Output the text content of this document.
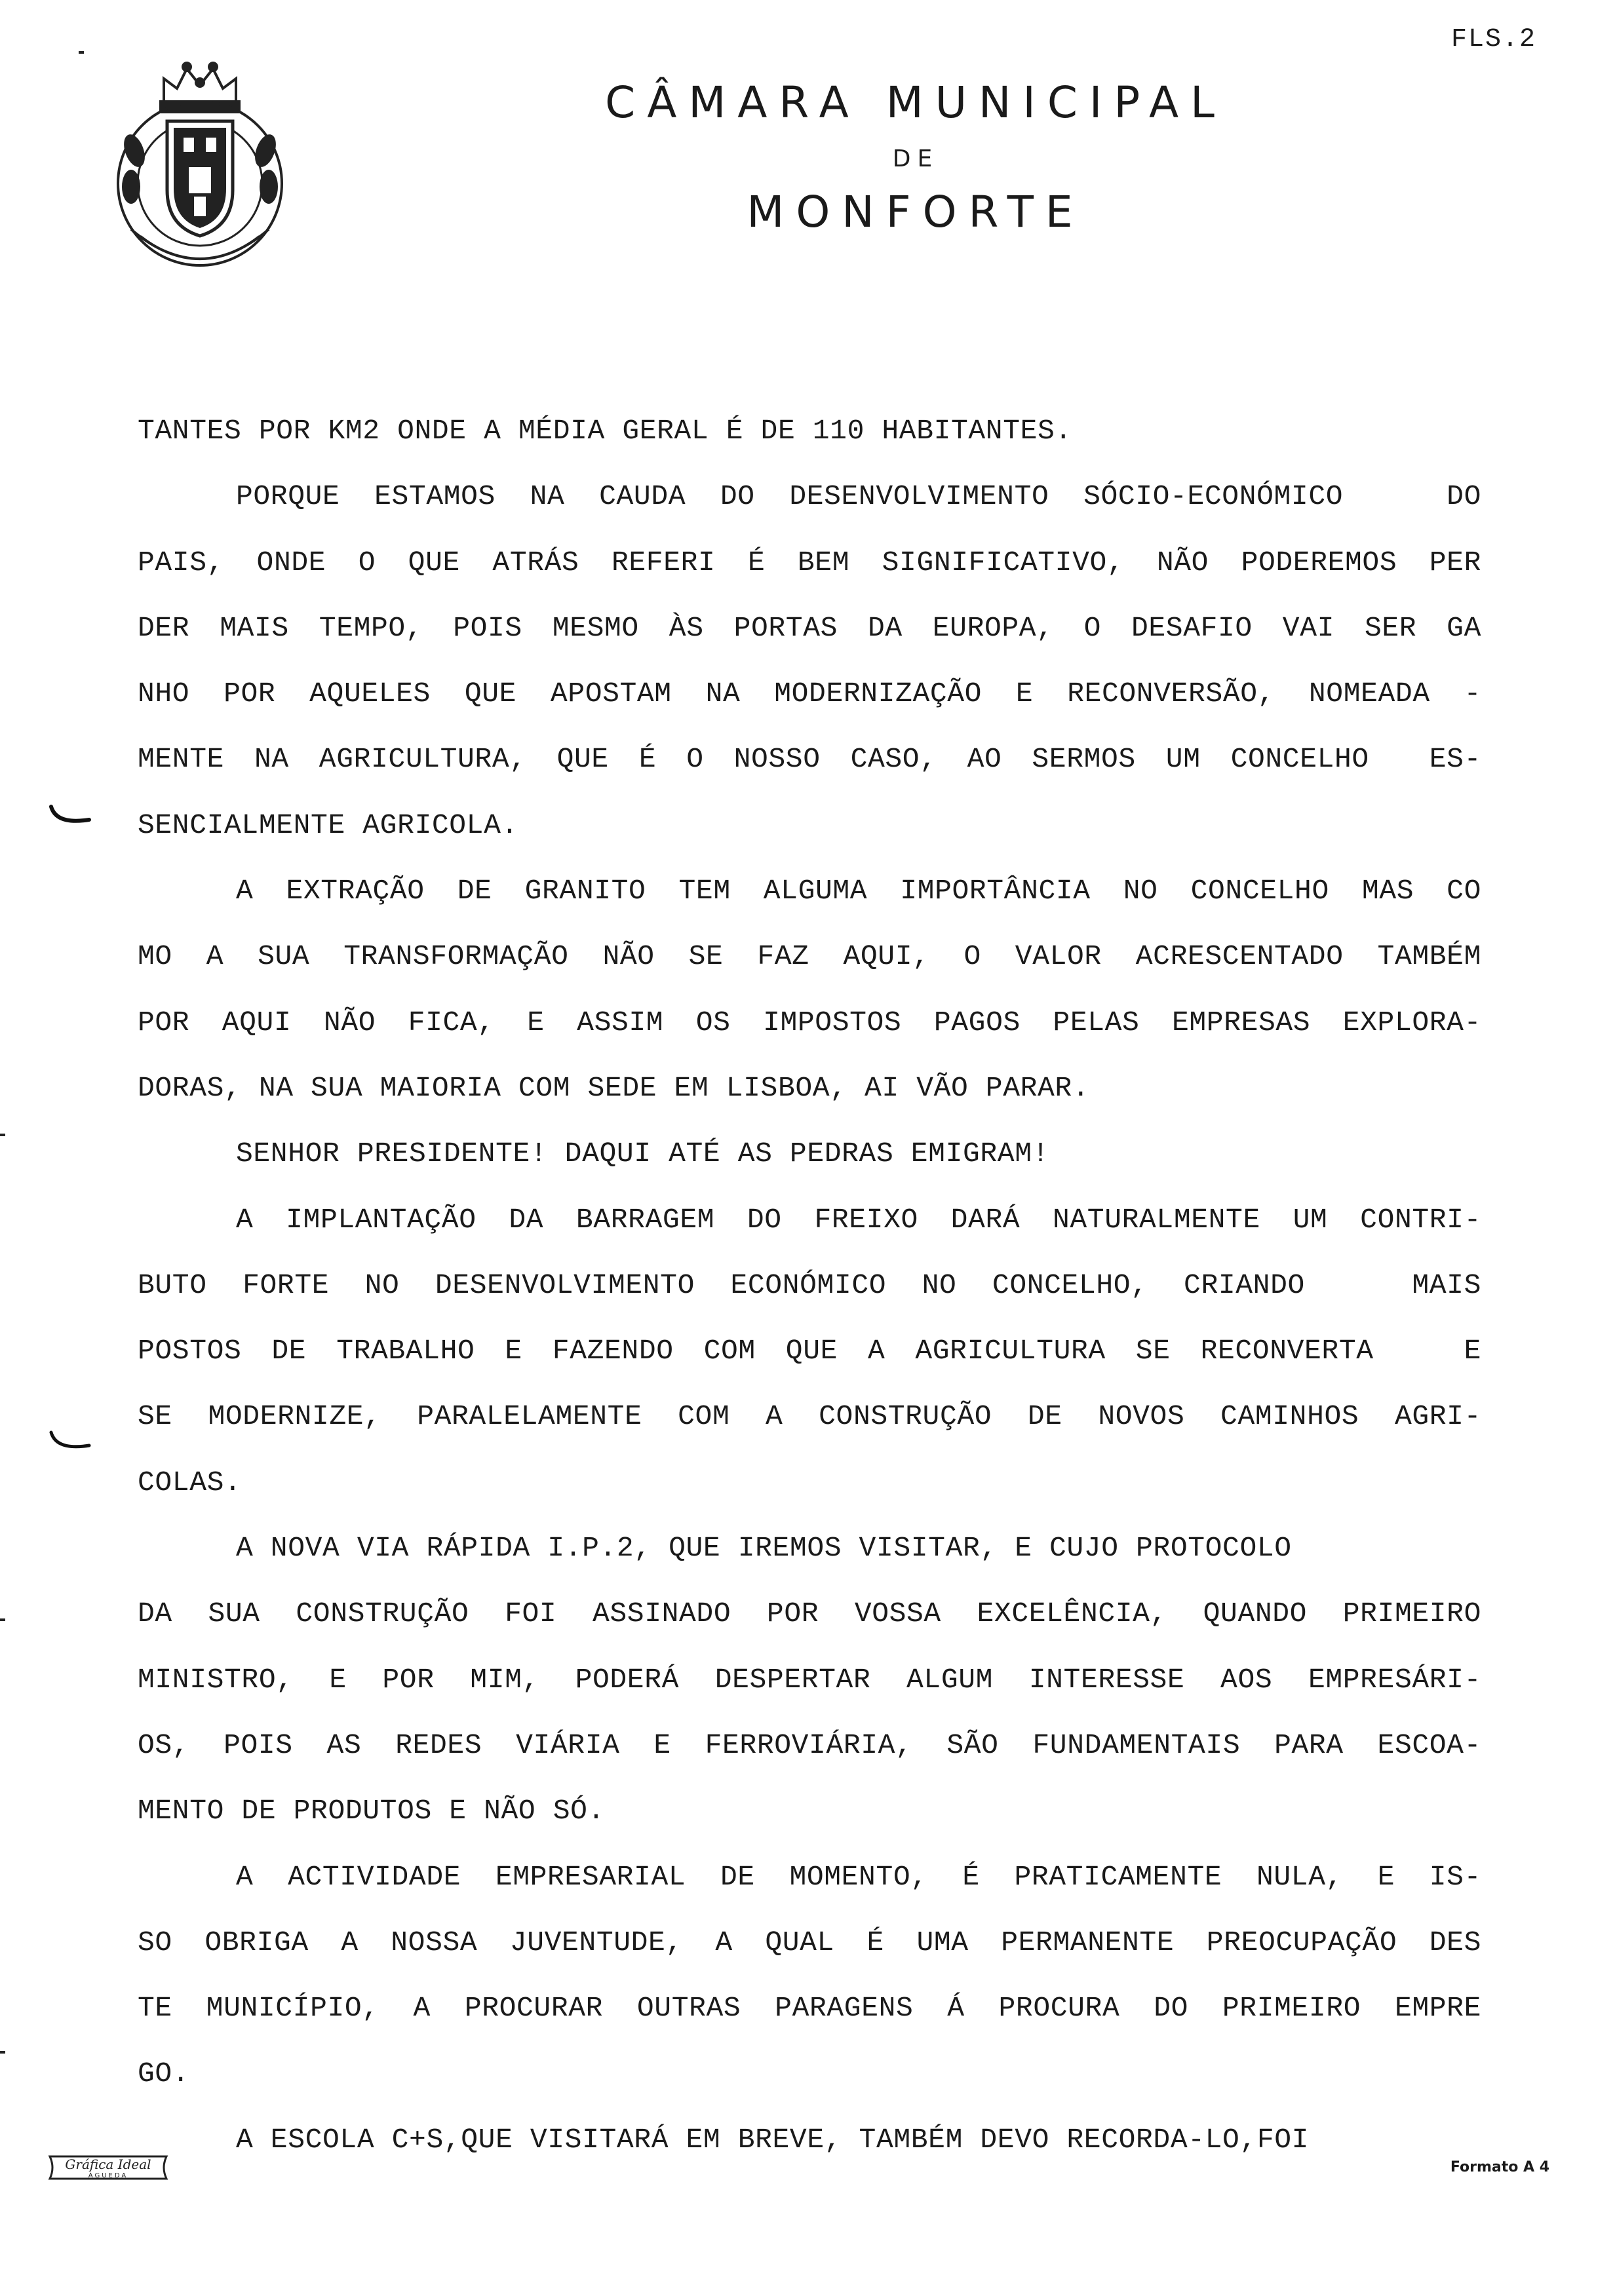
FLS.2
CÂMARA MUNICIPAL
DE
MONFORTE
TANTES POR KM2 ONDE A MÉDIA GERAL É DE 110 HABITANTES.
PORQUE ESTAMOS NA CAUDA DO DESENVOLVIMENTO SÓCIO-ECONÓMICO   DO
PAIS, ONDE O QUE ATRÁS REFERI É BEM SIGNIFICATIVO, NÃO PODEREMOS PER
DER MAIS TEMPO, POIS MESMO ÀS PORTAS DA EUROPA, O DESAFIO VAI SER GA
NHO POR AQUELES QUE APOSTAM NA MODERNIZAÇÃO E RECONVERSÃO, NOMEADA -
MENTE NA AGRICULTURA, QUE É O NOSSO CASO, AO SERMOS UM CONCELHO  ES-
SENCIALMENTE AGRICOLA.
A EXTRAÇÃO DE GRANITO TEM ALGUMA IMPORTÂNCIA NO CONCELHO MAS CO
MO A SUA TRANSFORMAÇÃO NÃO SE FAZ AQUI, O VALOR ACRESCENTADO TAMBÉM
POR AQUI NÃO FICA, E ASSIM OS IMPOSTOS PAGOS PELAS EMPRESAS EXPLORA-
DORAS, NA SUA MAIORIA COM SEDE EM LISBOA, AI VÃO PARAR.
SENHOR PRESIDENTE! DAQUI ATÉ AS PEDRAS EMIGRAM!
A IMPLANTAÇÃO DA BARRAGEM DO FREIXO DARÁ NATURALMENTE UM CONTRI-
BUTO FORTE NO DESENVOLVIMENTO ECONÓMICO NO CONCELHO, CRIANDO   MAIS
POSTOS DE TRABALHO E FAZENDO COM QUE A AGRICULTURA SE RECONVERTA   E
SE MODERNIZE, PARALELAMENTE COM A CONSTRUÇÃO DE NOVOS CAMINHOS AGRI-
COLAS.
A NOVA VIA RÁPIDA I.P.2, QUE IREMOS VISITAR, E CUJO PROTOCOLO
DA SUA CONSTRUÇÃO FOI ASSINADO POR VOSSA EXCELÊNCIA, QUANDO PRIMEIRO
MINISTRO, E POR MIM, PODERÁ DESPERTAR ALGUM INTERESSE AOS EMPRESÁRI-
OS, POIS AS REDES VIÁRIA E FERROVIÁRIA, SÃO FUNDAMENTAIS PARA ESCOA-
MENTO DE PRODUTOS E NÃO SÓ.
A ACTIVIDADE EMPRESARIAL DE MOMENTO, É PRATICAMENTE NULA, E IS-
SO OBRIGA A NOSSA JUVENTUDE, A QUAL É UMA PERMANENTE PREOCUPAÇÃO DES
TE MUNICÍPIO, A PROCURAR OUTRAS PARAGENS Á PROCURA DO PRIMEIRO EMPRE
GO.
A ESCOLA C+S,QUE VISITARÁ EM BREVE, TAMBÉM DEVO RECORDA-LO,FOI
Gráfica Ideal
ÁGUEDA
Formato A 4
